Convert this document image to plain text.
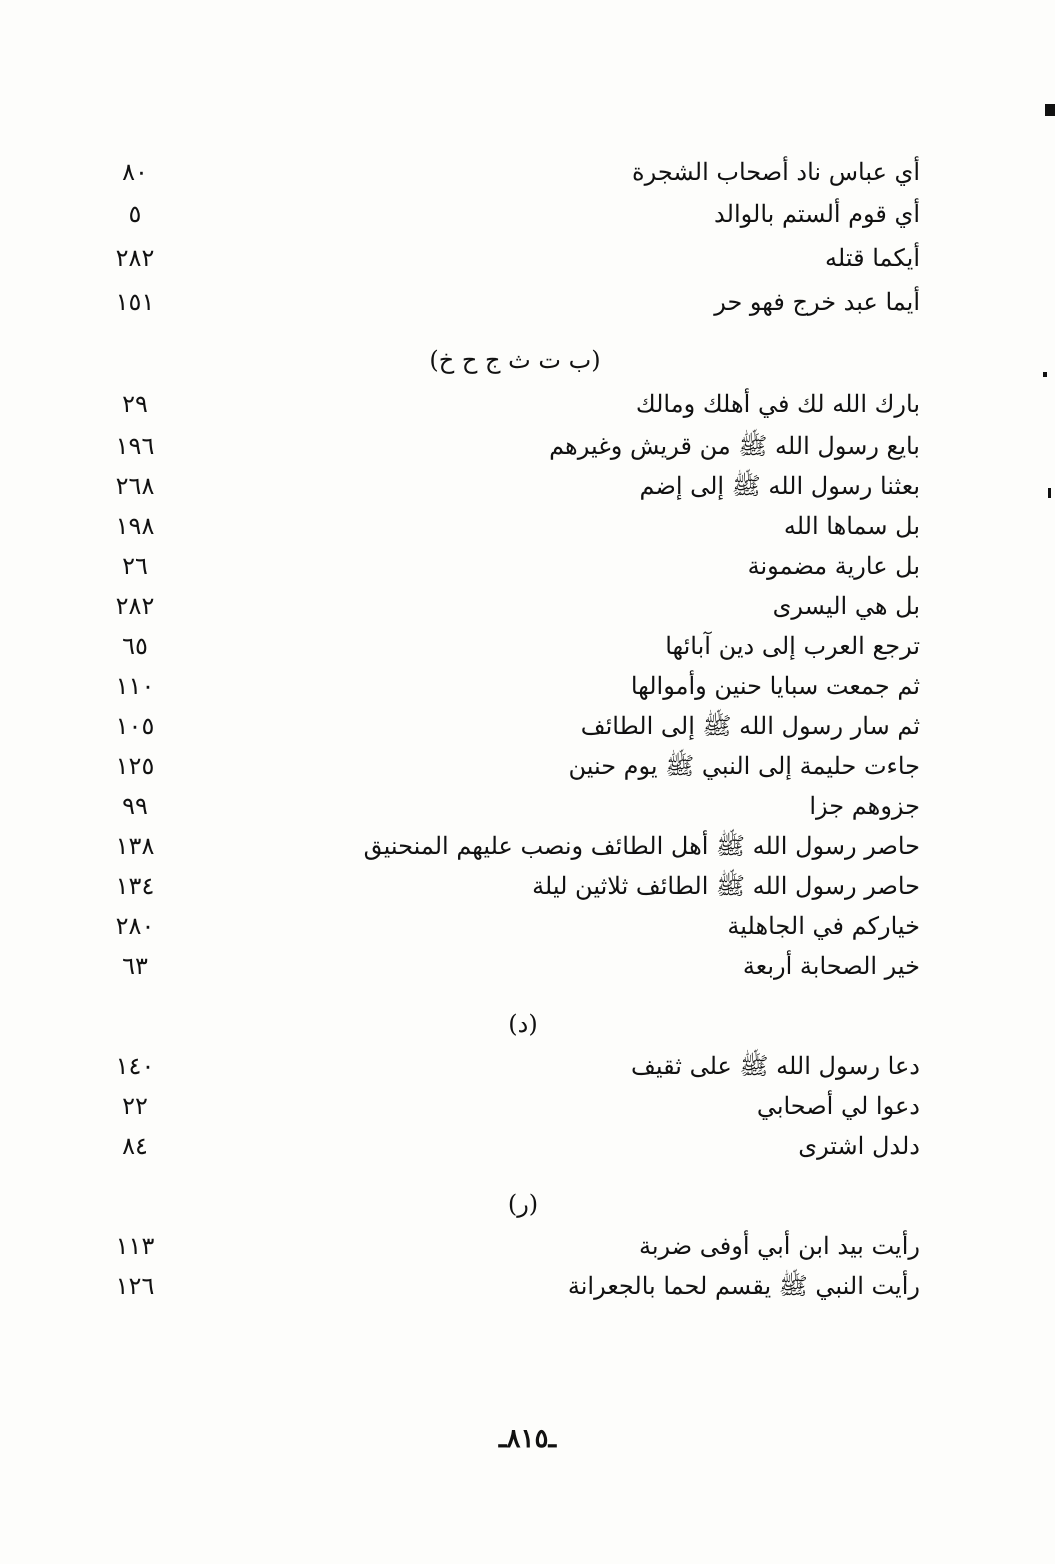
أي عباس ناد أصحاب الشجرة
٨٠
أي قوم ألستم بالوالد
٥
أيكما قتله
٢٨٢
أيما عبد خرج فهو حر
١٥١
(ب ت ث ج ح خ)
بارك الله لك في أهلك ومالك
٢٩
بايع رسول الله ﷺ من قريش وغيرهم
١٩٦
بعثنا رسول الله ﷺ إلى إضم
٢٦٨
بل سماها الله
١٩٨
بل عارية مضمونة
٢٦
بل هي اليسرى
٢٨٢
ترجع العرب إلى دين آبائها
٦٥
ثم جمعت سبايا حنين وأموالها
١١٠
ثم سار رسول الله ﷺ إلى الطائف
١٠٥
جاءت حليمة إلى النبي ﷺ يوم حنين
١٢٥
جزوهم جزا
٩٩
حاصر رسول الله ﷺ أهل الطائف ونصب عليهم المنحنيق
١٣٨
حاصر رسول الله ﷺ الطائف ثلاثين ليلة
١٣٤
خياركم في الجاهلية
٢٨٠
خير الصحابة أربعة
٦٣
(د)
دعا رسول الله ﷺ على ثقيف
١٤٠
دعوا لي أصحابي
٢٢
دلدل اشترى
٨٤
(ر)
رأيت بيد ابن أبي أوفى ضربة
١١٣
رأيت النبي ﷺ يقسم لحما بالجعرانة
١٢٦
ـ٨١٥ـ
